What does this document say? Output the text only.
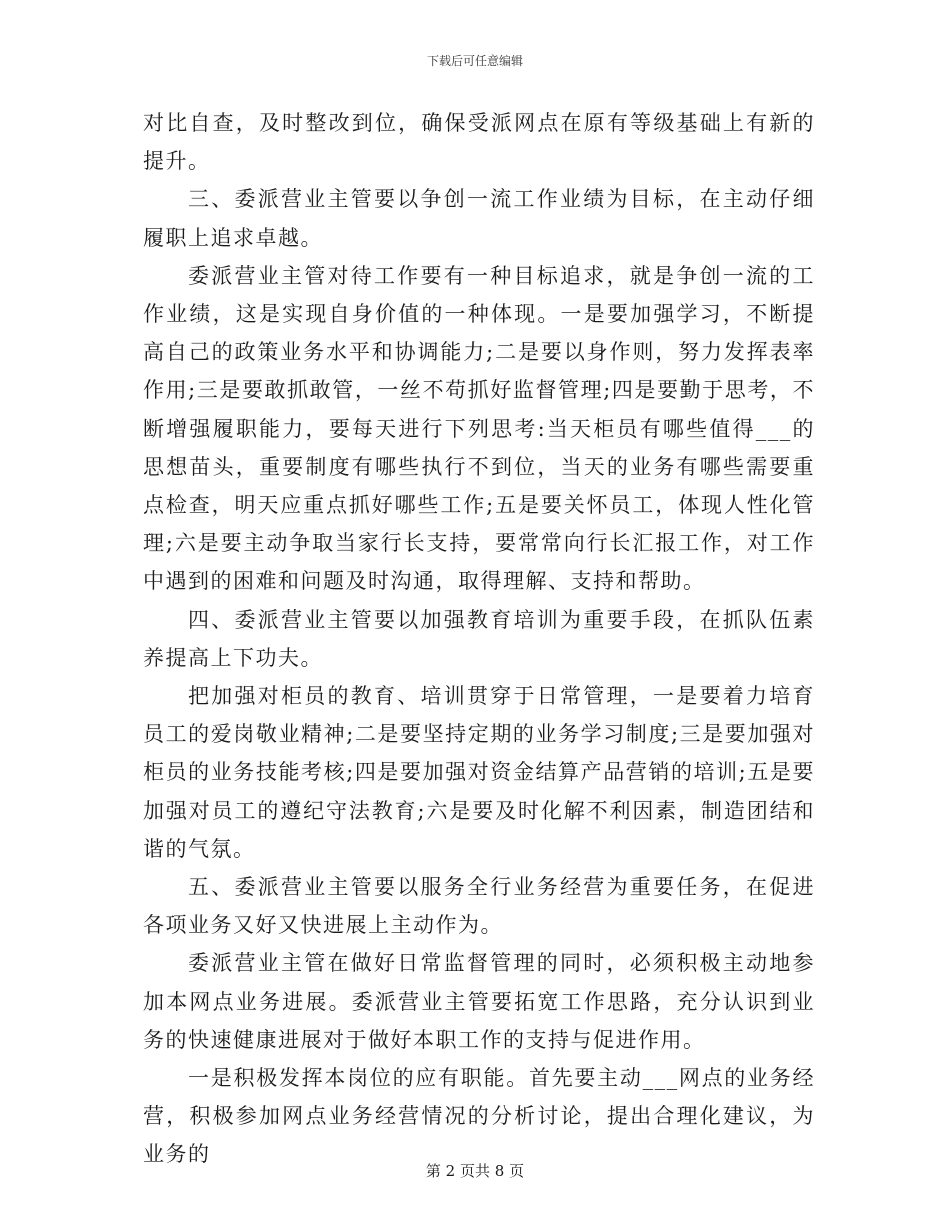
下载后可任意编辑

对比自查，及时整改到位，确保受派网点在原有等级基础上有新的提升。

三、委派营业主管要以争创一流工作业绩为目标，在主动仔细履职上追求卓越。

委派营业主管对待工作要有一种目标追求，就是争创一流的工作业绩，这是实现自身价值的一种体现。一是要加强学习，不断提高自己的政策业务水平和协调能力;二是要以身作则，努力发挥表率作用;三是要敢抓敢管，一丝不苟抓好监督管理;四是要勤于思考，不断增强履职能力，要每天进行下列思考:当天柜员有哪些值得___的思想苗头，重要制度有哪些执行不到位，当天的业务有哪些需要重点检查，明天应重点抓好哪些工作;五是要关怀员工，体现人性化管理;六是要主动争取当家行长支持，要常常向行长汇报工作，对工作中遇到的困难和问题及时沟通，取得理解、支持和帮助。

四、委派营业主管要以加强教育培训为重要手段，在抓队伍素养提高上下功夫。

把加强对柜员的教育、培训贯穿于日常管理，一是要着力培育员工的爱岗敬业精神;二是要坚持定期的业务学习制度;三是要加强对柜员的业务技能考核;四是要加强对资金结算产品营销的培训;五是要加强对员工的遵纪守法教育;六是要及时化解不利因素，制造团结和谐的气氛。

五、委派营业主管要以服务全行业务经营为重要任务，在促进各项业务又好又快进展上主动作为。

委派营业主管在做好日常监督管理的同时，必须积极主动地参加本网点业务进展。委派营业主管要拓宽工作思路，充分认识到业务的快速健康进展对于做好本职工作的支持与促进作用。

一是积极发挥本岗位的应有职能。首先要主动___网点的业务经营，积极参加网点业务经营情况的分析讨论，提出合理化建议，为业务的

第 2 页共 8 页
